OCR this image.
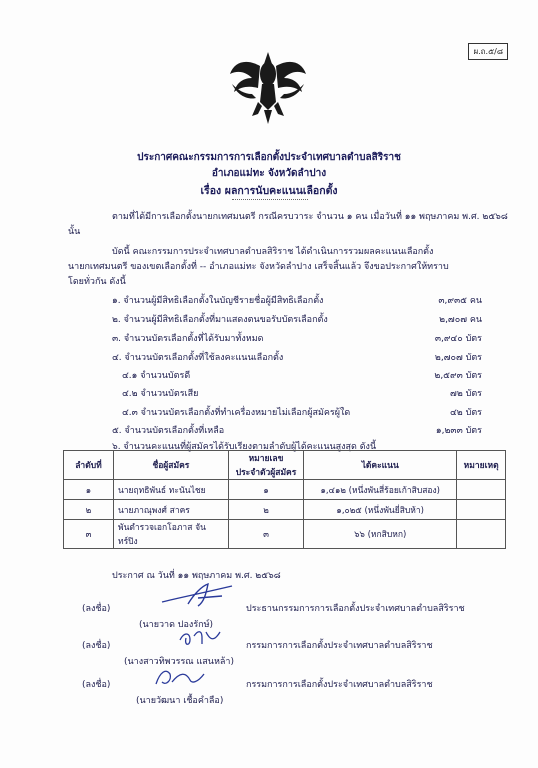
ผ.ถ.๕/๘
ประกาศคณะกรรมการการเลือกตั้งประจำเทศบาลตำบลสิริราช
อำเภอแม่ทะ จังหวัดลำปาง
เรื่อง ผลการนับคะแนนเลือกตั้ง
ตามที่ได้มีการเลือกตั้งนายกเทศมนตรี กรณีครบวาระ จำนวน ๑ คน เมื่อวันที่ ๑๑ พฤษภาคม พ.ศ. ๒๕๖๘
นั้น
บัดนี้ คณะกรรมการประจำเทศบาลตำบลสิริราช ได้ดำเนินการรวมผลคะแนนเลือกตั้ง
นายกเทศมนตรี ของเขตเลือกตั้งที่ -- อำเภอแม่ทะ จังหวัดลำปาง เสร็จสิ้นแล้ว จึงขอประกาศให้ทราบ
โดยทั่วกัน ดังนี้
๑. จำนวนผู้มีสิทธิเลือกตั้งในบัญชีรายชื่อผู้มีสิทธิเลือกตั้ง	๓,๙๓๕ คน
๒. จำนวนผู้มีสิทธิเลือกตั้งที่มาแสดงตนขอรับบัตรเลือกตั้ง	๒,๗๐๗ คน
๓. จำนวนบัตรเลือกตั้งที่ได้รับมาทั้งหมด	๓,๙๔๐ บัตร
๔. จำนวนบัตรเลือกตั้งที่ใช้ลงคะแนนเลือกตั้ง	๒,๗๐๗ บัตร
๔.๑ จำนวนบัตรดี	๒,๕๙๓ บัตร
๔.๒ จำนวนบัตรเสีย	๗๒ บัตร
๔.๓ จำนวนบัตรเลือกตั้งที่ทำเครื่องหมายไม่เลือกผู้สมัครผู้ใด	๔๒ บัตร
๕. จำนวนบัตรเลือกตั้งที่เหลือ	๑,๒๓๓ บัตร
๖. จำนวนคะแนนที่ผู้สมัครได้รับเรียงตามลำดับผู้ได้คะแนนสูงสุด ดังนี้
ลำดับที่	ชื่อผู้สมัคร	หมายเลข
ประจำตัวผู้สมัคร	ได้คะแนน	หมายเหตุ
๑	นายฤทธิพันธ์ ทะนันไชย	๑	๑,๔๑๒ (หนึ่งพันสี่ร้อยเก้าสิบสอง)	
๒	นายภาณุพงศ์ สาคร	๒	๑,๐๒๕ (หนึ่งพันยี่สิบห้า)	
๓	พันตำรวจเอกโอภาส จันทร์ปิง	๓	๖๖ (หกสิบหก)	
ประกาศ ณ วันที่ ๑๑ พฤษภาคม พ.ศ. ๒๕๖๘
(ลงชื่อ)	ประธานกรรมการการเลือกตั้งประจำเทศบาลตำบลสิริราช
(นายวาด ปองรักษ์)
(ลงชื่อ)	กรรมการการเลือกตั้งประจำเทศบาลตำบลสิริราช
(นางสาวทิพวรรณ แสนหล้า)
(ลงชื่อ)	กรรมการการเลือกตั้งประจำเทศบาลตำบลสิริราช
(นายวัฒนา เชื้อคำลือ)
